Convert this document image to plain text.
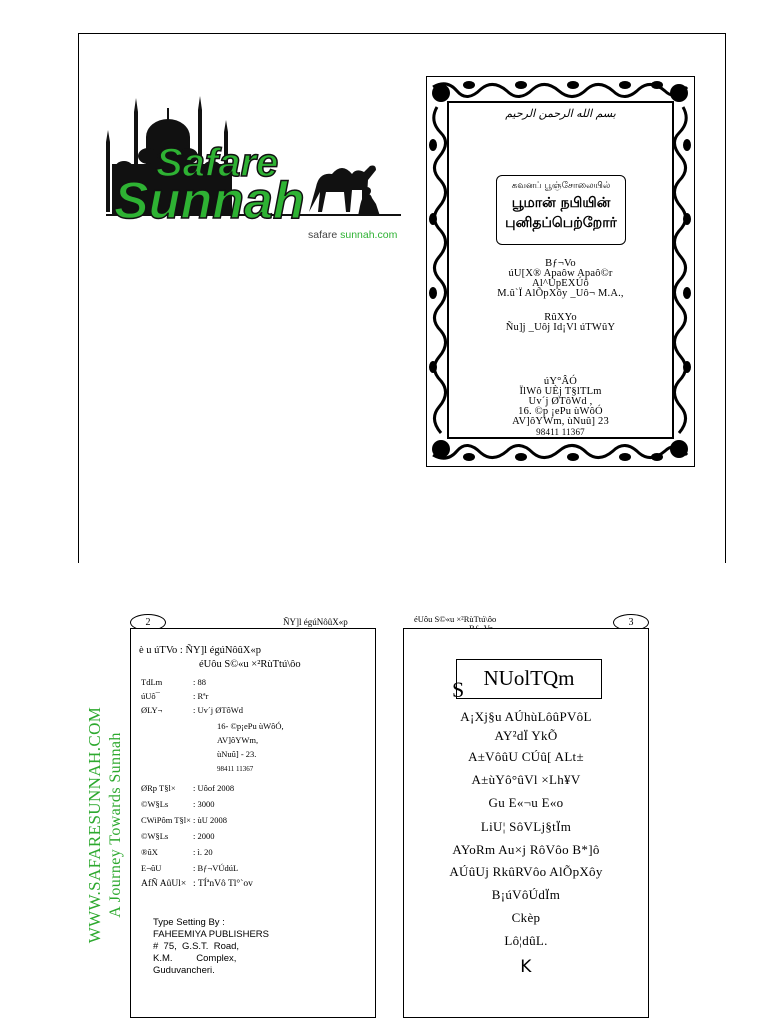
Safare
Sunnah
safare sunnah.com
بسم الله الرحمن الرحيم
கவனப் பூஞ்சோலையில்
பூமான் நபியின்
புனிதப்பெற்றோர்
Bƒ¬Vo
úU[X® Apaôw Apaô©r
Al^ÚpEXÚô
M.û`Ï AlÕpXôy _Uô¬ M.A.,
RûXYo
Ñu]j _Uôj Id¡Vl úTWûY
úY°ÂÓ
ÏlWô UÈj T§lTLm
Uv´j ØTôWd ,
16. ©p ¡ePu ùWôÓ
AV]ôYWm, ùNuû] 23
98411 11367
WWW.SAFARESUNNAH.COM A Journey Towards Sunnah
2	ÑY]l égúNôûX«p
è u úTVo : ÑY]l égúNôûX«p
éUôu S©«u ×²RùTtú\ôo
TdLm	: 88
úUô¯	: Rªr
ØLY¬	: Uv´j ØTôWd
16- ©p¡ePu ùWôÓ,
AV]ôYWm,
ùNuû] - 23.
98411 11367
ØRp T§l× : Uôof 2008
©W§Ls	: 3000
CWiPôm T§l× : ùU 2008
©W§Ls	: 2000
®ûX	: ì. 20
E¬ûU	: Bƒ¬VÚdúL
AfÑ AûUl× : TÍªnVô Tl°`ov
Type Setting By :
FAHEEMIYA PUBLISHERS
#  75,  G.S.T.  Road,
K.M.         Complex,
Guduvancheri.
éUôu S©«u ×²RùTtú\ôo	3
NUolTQm
S
A¡Xj§u AÚhùLôûPVôL
AY²dÏ YkÕ
A±VôûU CÚû[ ALt±
A±ùYô°ûVl ×Lh¥V
Gu E«¬u E«o
LiU¦ SôVLj§tÏm
AYoRm Au×j RôVôo B*]ô
AÚûUj RkûRVôo AlÕpXôy
B¡úVôÚdÏm
Ckèp
Lô¦dûL.
K
